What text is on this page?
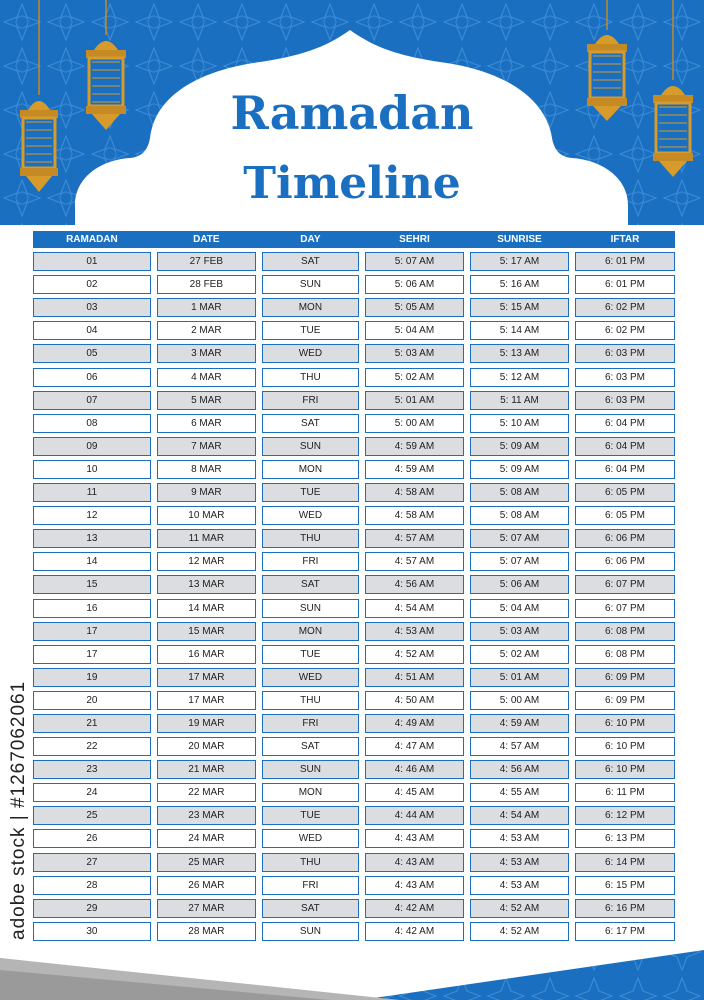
Ramadan
Timeline
RAMADAN	DATE	DAY	SEHRI	SUNRISE	IFTAR
01	27 FEB	SAT	5: 07 AM	5: 17 AM	6: 01 PM
02	28 FEB	SUN	5: 06 AM	5: 16 AM	6: 01 PM
03	1 MAR	MON	5: 05 AM	5: 15 AM	6: 02 PM
04	2 MAR	TUE	5: 04 AM	5: 14 AM	6: 02 PM
05	3 MAR	WED	5: 03 AM	5: 13 AM	6: 03 PM
06	4 MAR	THU	5: 02 AM	5: 12 AM	6: 03 PM
07	5 MAR	FRI	5: 01 AM	5: 11 AM	6: 03 PM
08	6 MAR	SAT	5: 00 AM	5: 10 AM	6: 04 PM
09	7 MAR	SUN	4: 59 AM	5: 09 AM	6: 04 PM
10	8 MAR	MON	4: 59 AM	5: 09 AM	6: 04 PM
11	9 MAR	TUE	4: 58 AM	5: 08 AM	6: 05 PM
12	10 MAR	WED	4: 58 AM	5: 08 AM	6: 05 PM
13	11 MAR	THU	4: 57 AM	5: 07 AM	6: 06 PM
14	12 MAR	FRI	4: 57 AM	5: 07 AM	6: 06 PM
15	13 MAR	SAT	4: 56 AM	5: 06 AM	6: 07 PM
16	14 MAR	SUN	4: 54 AM	5: 04 AM	6: 07 PM
17	15 MAR	MON	4: 53 AM	5: 03 AM	6: 08 PM
17	16 MAR	TUE	4: 52 AM	5: 02 AM	6: 08 PM
19	17 MAR	WED	4: 51 AM	5: 01 AM	6: 09 PM
20	17 MAR	THU	4: 50 AM	5: 00 AM	6: 09 PM
21	19 MAR	FRI	4: 49 AM	4: 59 AM	6: 10 PM
22	20 MAR	SAT	4: 47 AM	4: 57 AM	6: 10 PM
23	21 MAR	SUN	4: 46 AM	4: 56 AM	6: 10 PM
24	22 MAR	MON	4: 45 AM	4: 55 AM	6: 11 PM
25	23 MAR	TUE	4: 44 AM	4: 54 AM	6: 12 PM
26	24 MAR	WED	4: 43 AM	4: 53 AM	6: 13 PM
27	25 MAR	THU	4: 43 AM	4: 53 AM	6: 14 PM
28	26 MAR	FRI	4: 43 AM	4: 53 AM	6: 15 PM
29	27 MAR	SAT	4: 42 AM	4: 52 AM	6: 16 PM
30	28 MAR	SUN	4: 42 AM	4: 52 AM	6: 17 PM
adobe stock | #1267062061
